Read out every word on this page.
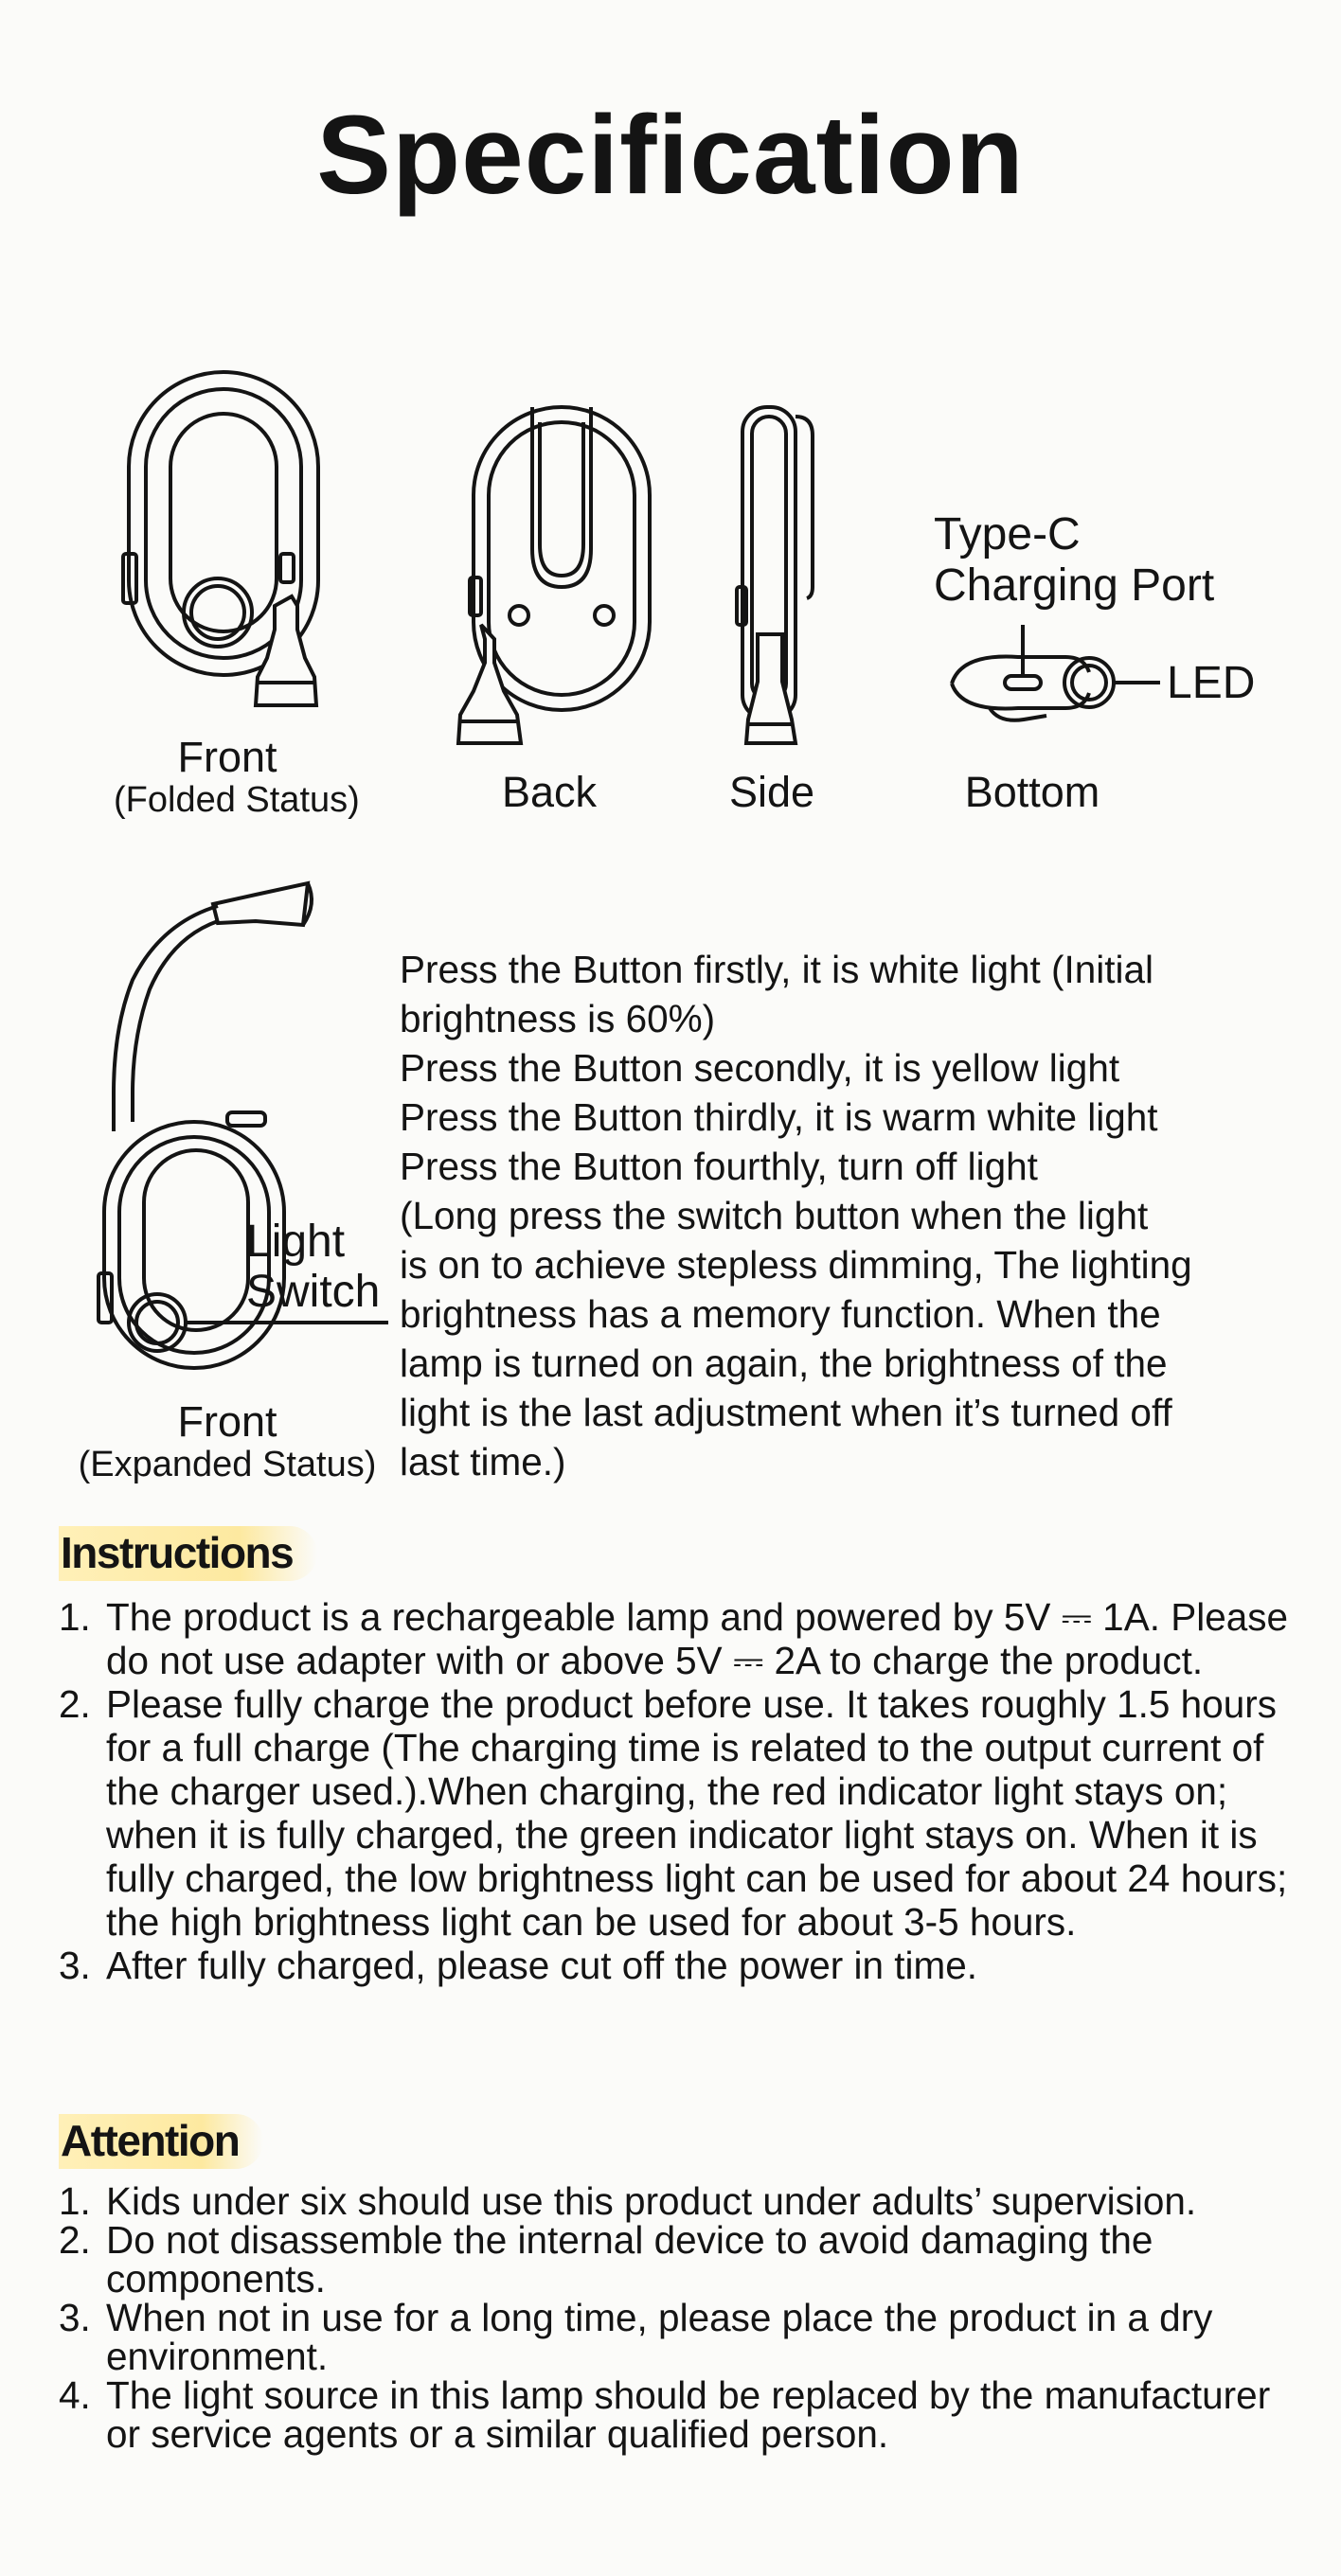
Specification
Front
(Folded Status)	Back	Side
Type-C
Charging Port
LED
Bottom
Light
Switch
Front
(Expanded Status)
Press the Button firstly, it is white light (Initial
brightness is 60%)
Press the Button secondly, it is yellow light
Press the Button thirdly, it is warm white light
Press the Button fourthly, turn off light
(Long press the switch button when the light
is on to achieve stepless dimming, The lighting
brightness has a memory function. When the
lamp is turned on again, the brightness of the
light is the last adjustment when it’s turned off
last time.)
Instructions
1. The product is a rechargeable lamp and powered by 5V ⎓ 1A. Please do not use adapter with or above 5V ⎓ 2A to charge the product.
2. Please fully charge the product before use. It takes roughly 1.5 hours for a full charge (The charging time is related to the output current of the charger used.).When charging, the red indicator light stays on; when it is fully charged, the green indicator light stays on. When it is fully charged, the low brightness light can be used for about 24 hours; the high brightness light can be used for about 3-5 hours.
3. After fully charged, please cut off the power in time.
Attention
1. Kids under six should use this product under adults’ supervision.
2. Do not disassemble the internal device to avoid damaging the components.
3. When not in use for a long time, please place the product in a dry environment.
4. The light source in this lamp should be replaced by the manufacturer or service agents or a similar qualified person.
